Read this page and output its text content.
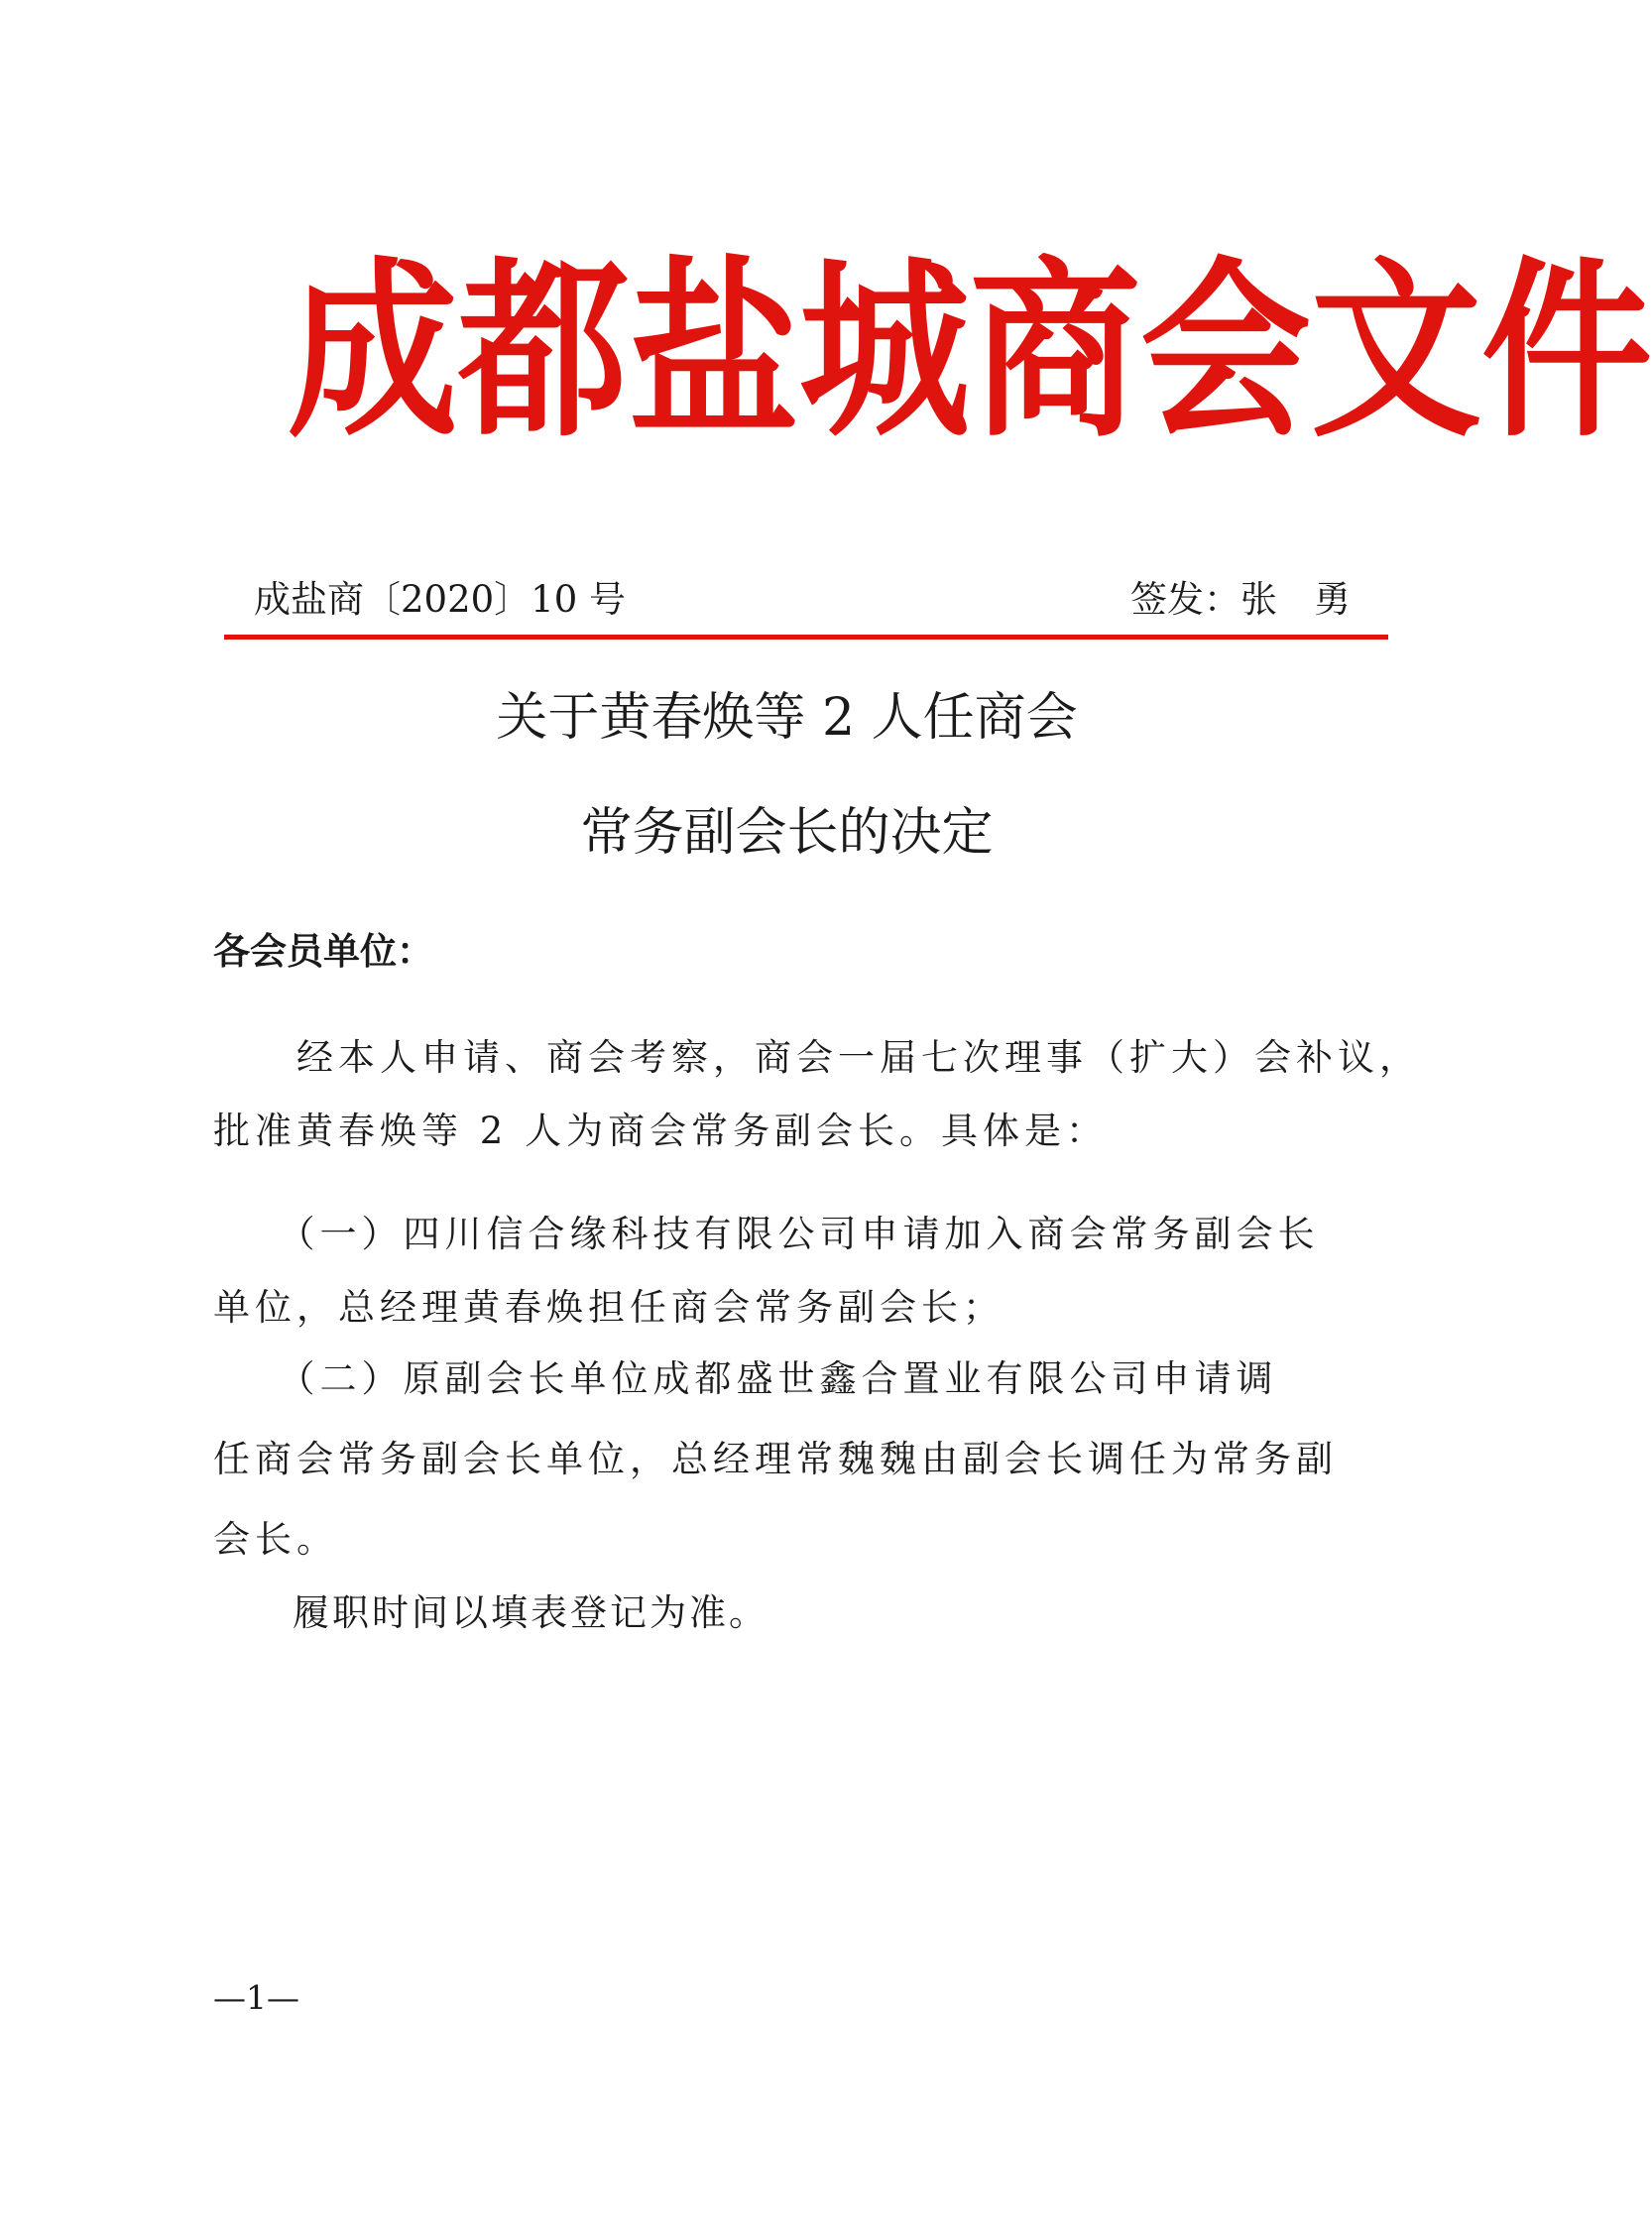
成 都 盐 城 商 会 文 件
成盐商〔2020〕10 号	签发：张　勇
关于黄春焕等 2 人任商会
常务副会长的决定
各会员单位：
　　经本人申请、商会考察，商会一届七次理事（扩大）会补议，
批准黄春焕等 2 人为商会常务副会长。具体是：
　　（一）四川信合缘科技有限公司申请加入商会常务副会长
单位，总经理黄春焕担任商会常务副会长；
　　（二）原副会长单位成都盛世鑫合置业有限公司申请调
任商会常务副会长单位，总经理常魏魏由副会长调任为常务副
会长。
　　履职时间以填表登记为准。
—1—
